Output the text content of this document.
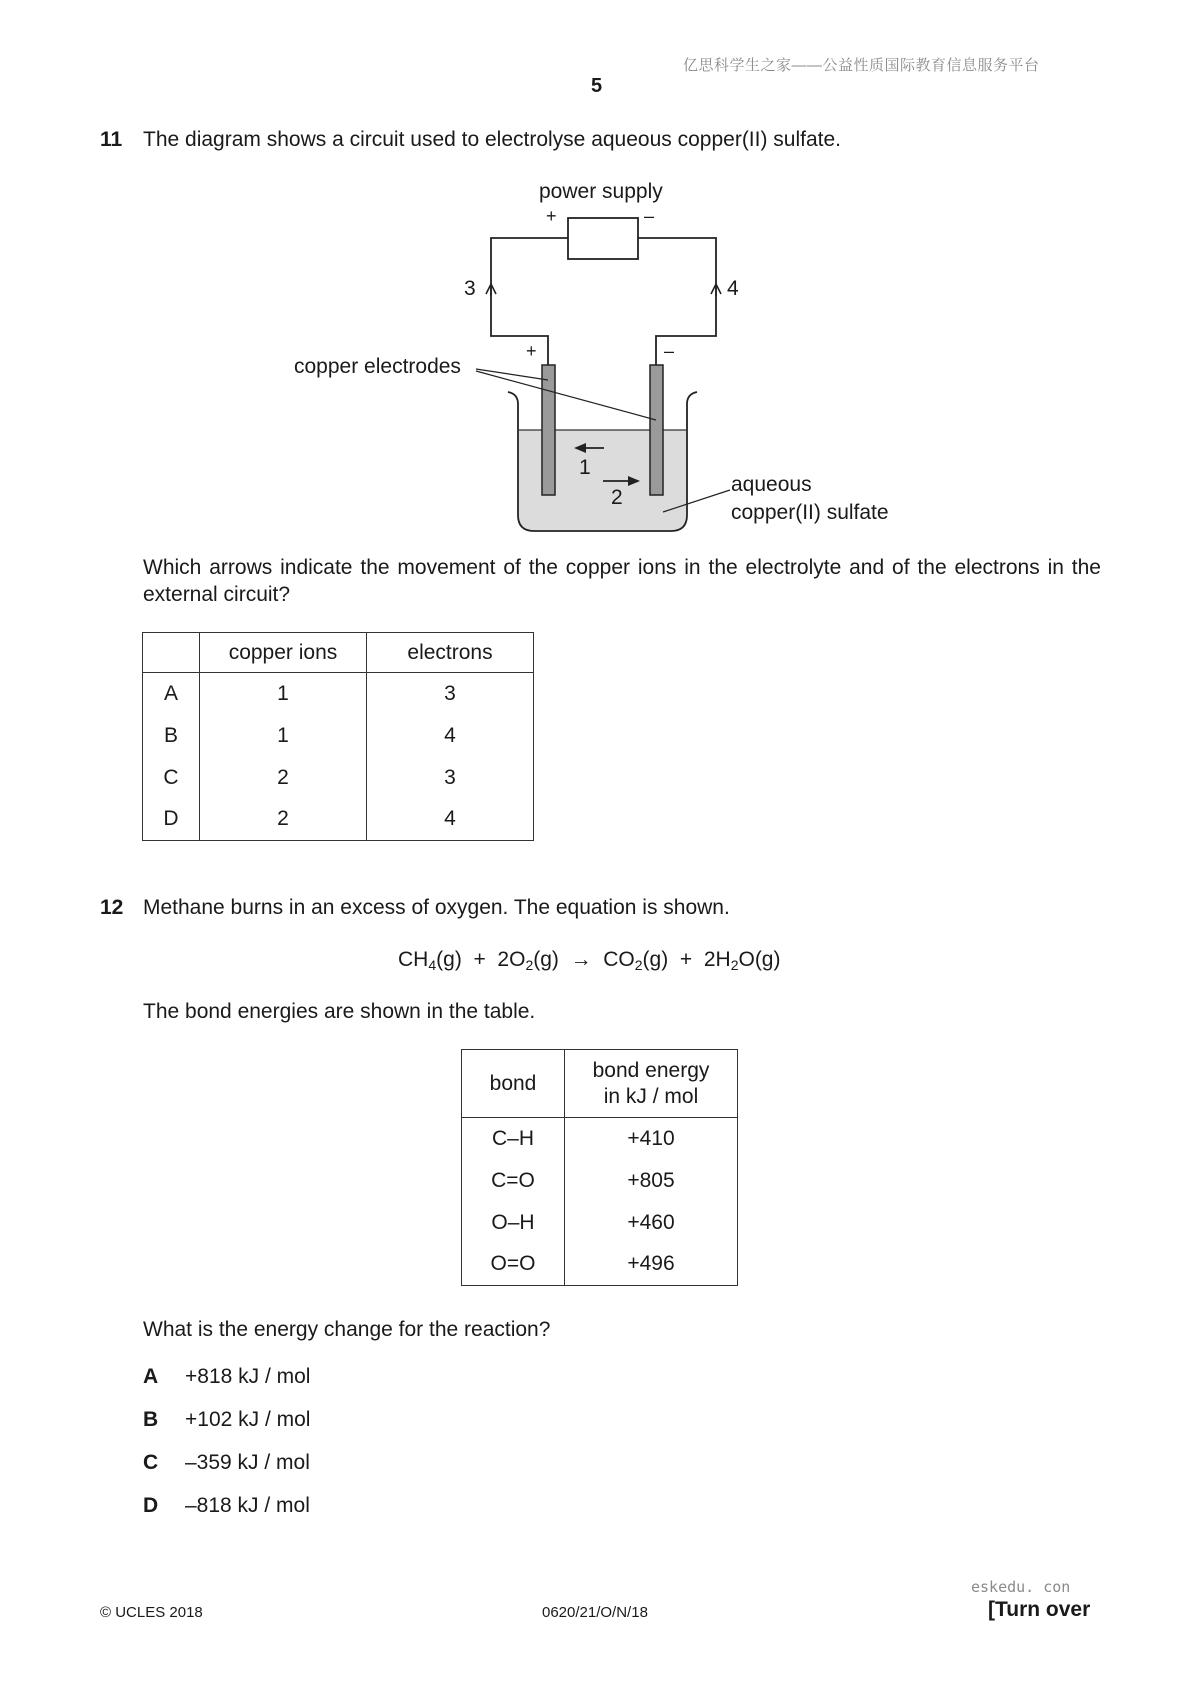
亿思科学生之家——公益性质国际教育信息服务平台
5
11 The diagram shows a circuit used to electrolyse aqueous copper(II) sulfate.
power supply
+	–
3	4
+	–
copper electrodes
1
2
aqueous
copper(II) sulfate
Which arrows indicate the movement of the copper ions in the electrolyte and of the electrons in the external circuit?
	copper ions	electrons
A	1	3
B	1	4
C	2	3
D	2	4
12 Methane burns in an excess of oxygen. The equation is shown.
$CH_4(g) + 2O_2(g) \to CO_2(g) + 2H_2O(g)$
The bond energies are shown in the table.
bond	bond energy
in kJ / mol

C–H	+410
C=O	+805
O–H	+460
O=O	+496
What is the energy change for the reaction?
A +818 kJ / mol
B +102 kJ / mol
C –359 kJ / mol
D –818 kJ / mol
eskedu. con
© UCLES 2018	0620/21/O/N/18	[Turn over
